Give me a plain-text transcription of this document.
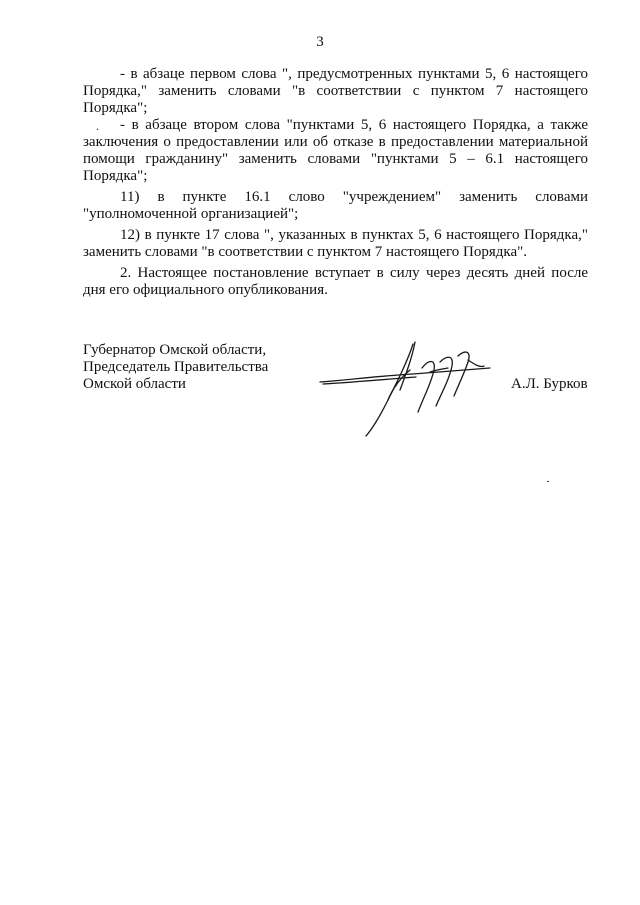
3

- в абзаце первом слова ", предусмотренных пунктами 5, 6 настоящего Порядка," заменить словами "в соответствии с пунктом 7 настоящего Порядка";

- в абзаце втором слова "пунктами 5, 6 настоящего Порядка, а также заключения о предоставлении или об отказе в предоставлении материальной помощи гражданину" заменить словами "пунктами 5 – 6.1 настоящего Порядка";

11) в пункте 16.1 слово "учреждением" заменить словами "уполномоченной организацией";

12) в пункте 17 слова ", указанных в пунктах 5, 6 настоящего Порядка," заменить словами "в соответствии с пунктом 7 настоящего Порядка".

2. Настоящее постановление вступает в силу через десять дней после дня его официального опубликования.

.
Губернатор Омской области,
Председатель Правительства
Омской области	А.Л. Бурков
